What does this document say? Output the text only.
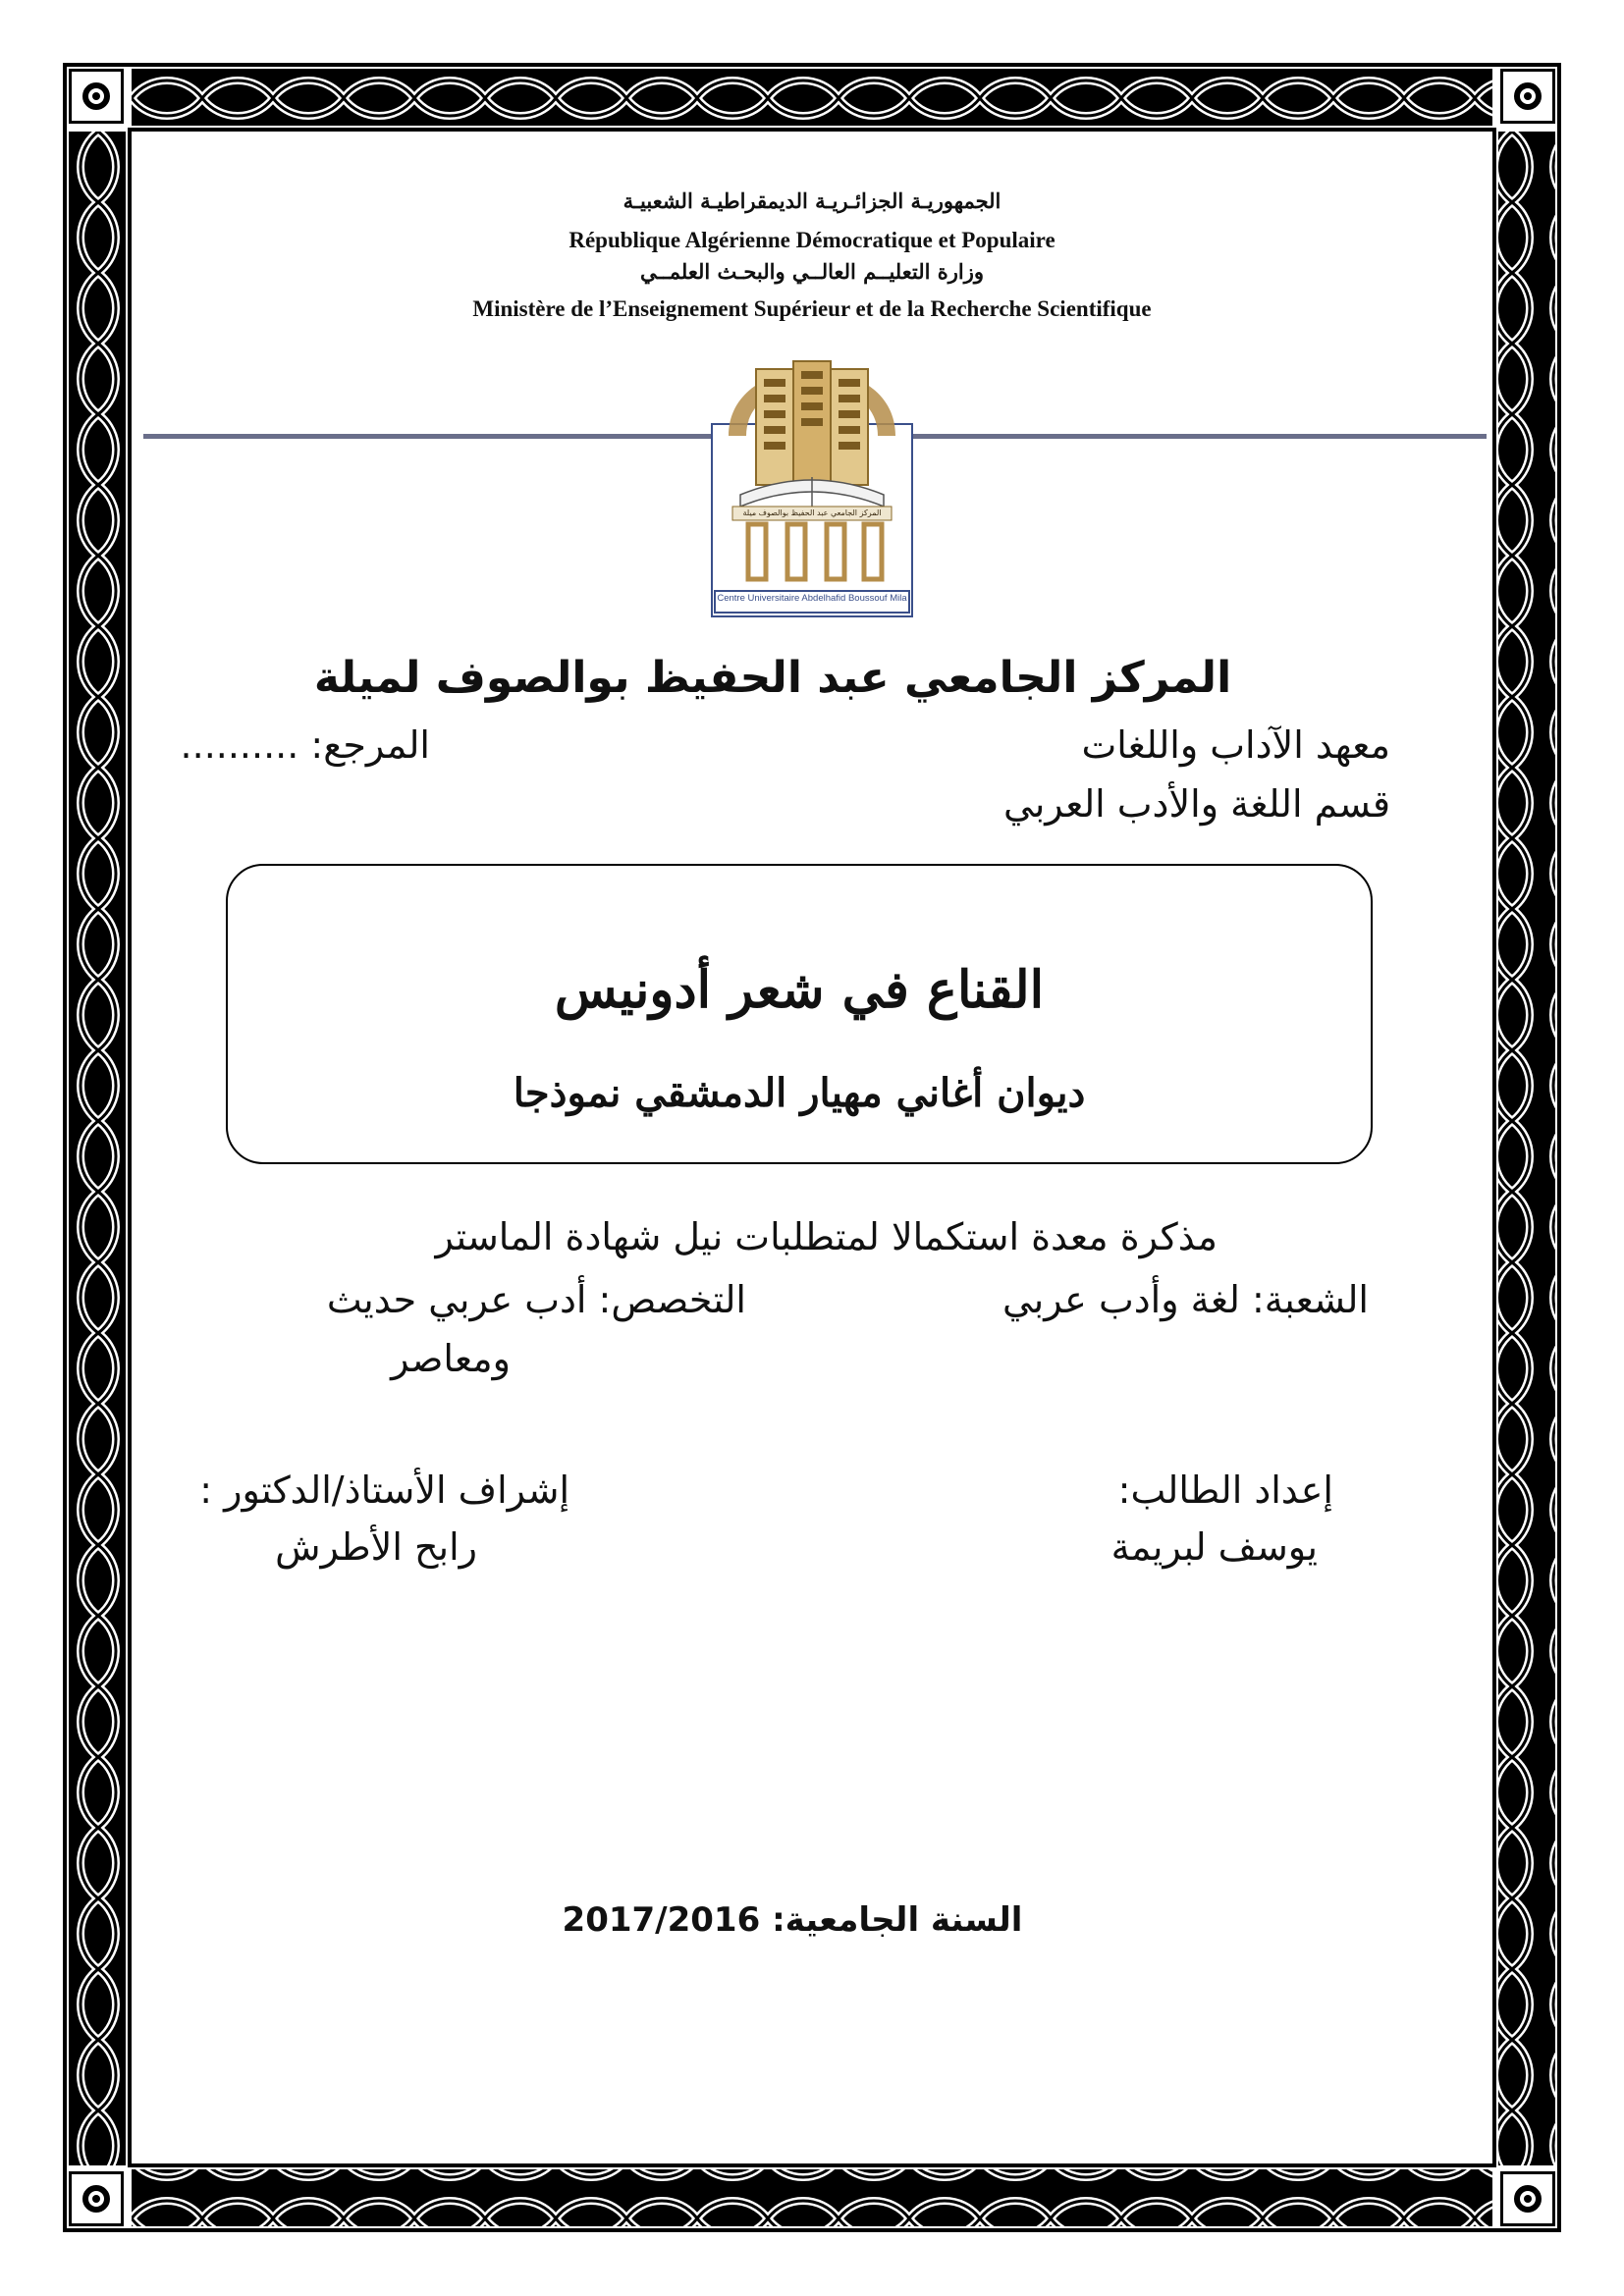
الجمهوريـة الجزائـريـة الديمقراطيـة الشعبيـة
République Algérienne Démocratique et Populaire
وزارة التعليــم العالــي والبحـث العلمــي
Ministère de l’Enseignement Supérieur et de la Recherche Scientifique
المركز الجامعي عبد الحفيظ بوالصوف ميلة
Centre Universitaire Abdelhafid Boussouf Mila
المركز الجامعي عبد الحفيظ بوالصوف لميلة
معهد الآداب واللغات
المرجع: ..........
قسم اللغة والأدب العربي
القناع في شعر أدونيس
ديوان أغاني مهيار الدمشقي نموذجا
مذكرة معدة استكمالا لمتطلبات نيل شهادة الماستر
الشعبة: لغة وأدب عربي
التخصص: أدب عربي حديث
ومعاصر
إعداد الطالب:
يوسف لبريمة
إشراف الأستاذ/الدكتور :
رابح الأطرش
السنة الجامعية: 2017/2016
